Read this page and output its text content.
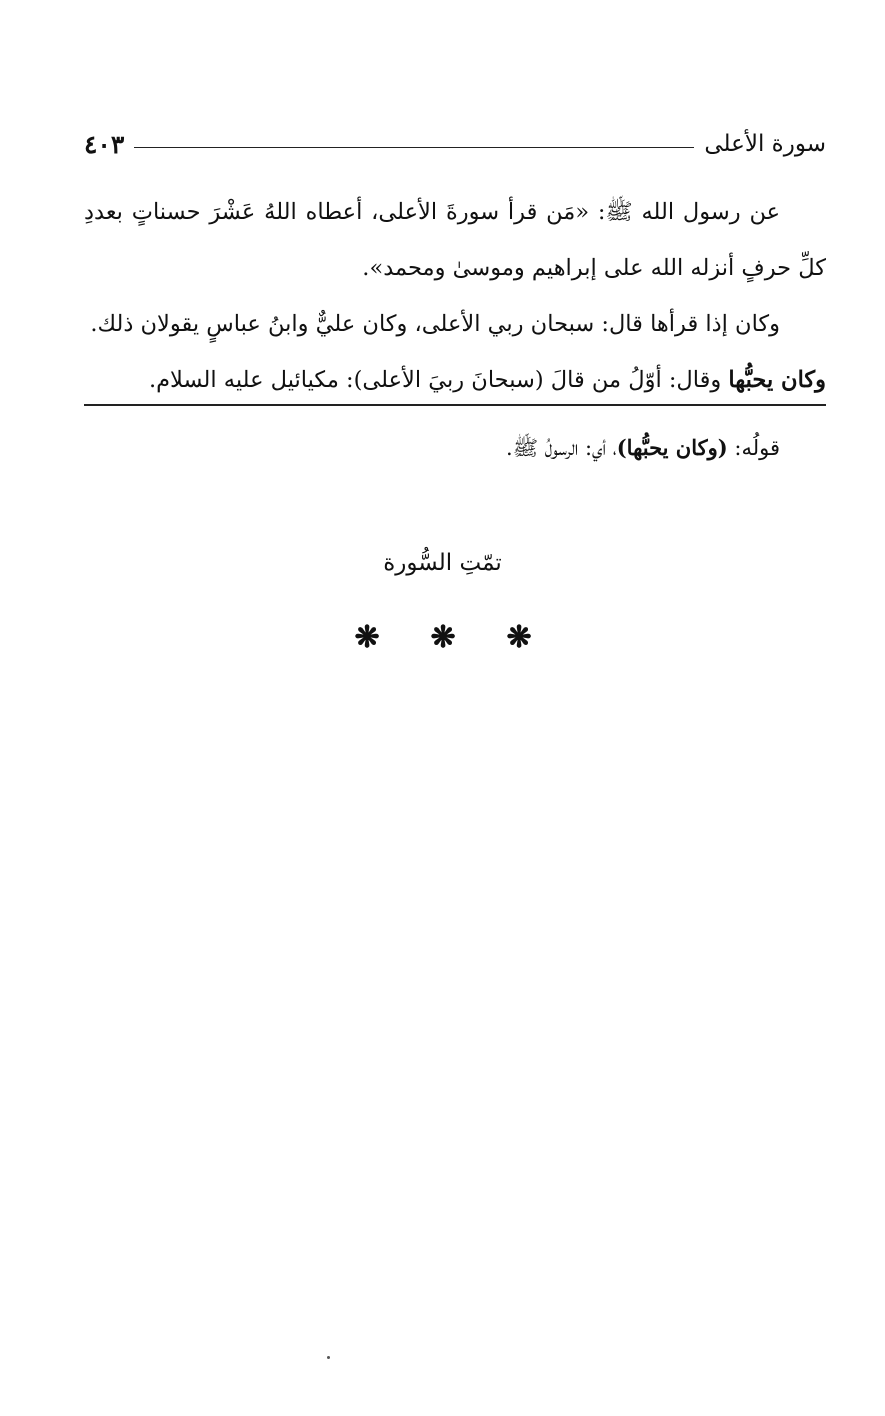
سورة الأعلى
٤٠٣

عن رسول الله ﷺ: «مَن قرأ سورةَ الأعلى، أعطاه اللهُ عَشْرَ حسناتٍ بعددِ كلِّ حرفٍ أنزله الله على إبراهيم وموسىٰ ومحمد».

وكان إذا قرأها قال: سبحان ربي الأعلى، وكان عليٌّ وابنُ عباسٍ يقولان ذلك.

وكان يحبُّها وقال: أوّلُ من قالَ (سبحانَ ربيَ الأعلى): مكيائيل عليه السلام.

قولُه: (وكان يحبُّها)، أي: الرسولُ ﷺ.
تمّتِ السُّورة
❋ ❋ ❋
